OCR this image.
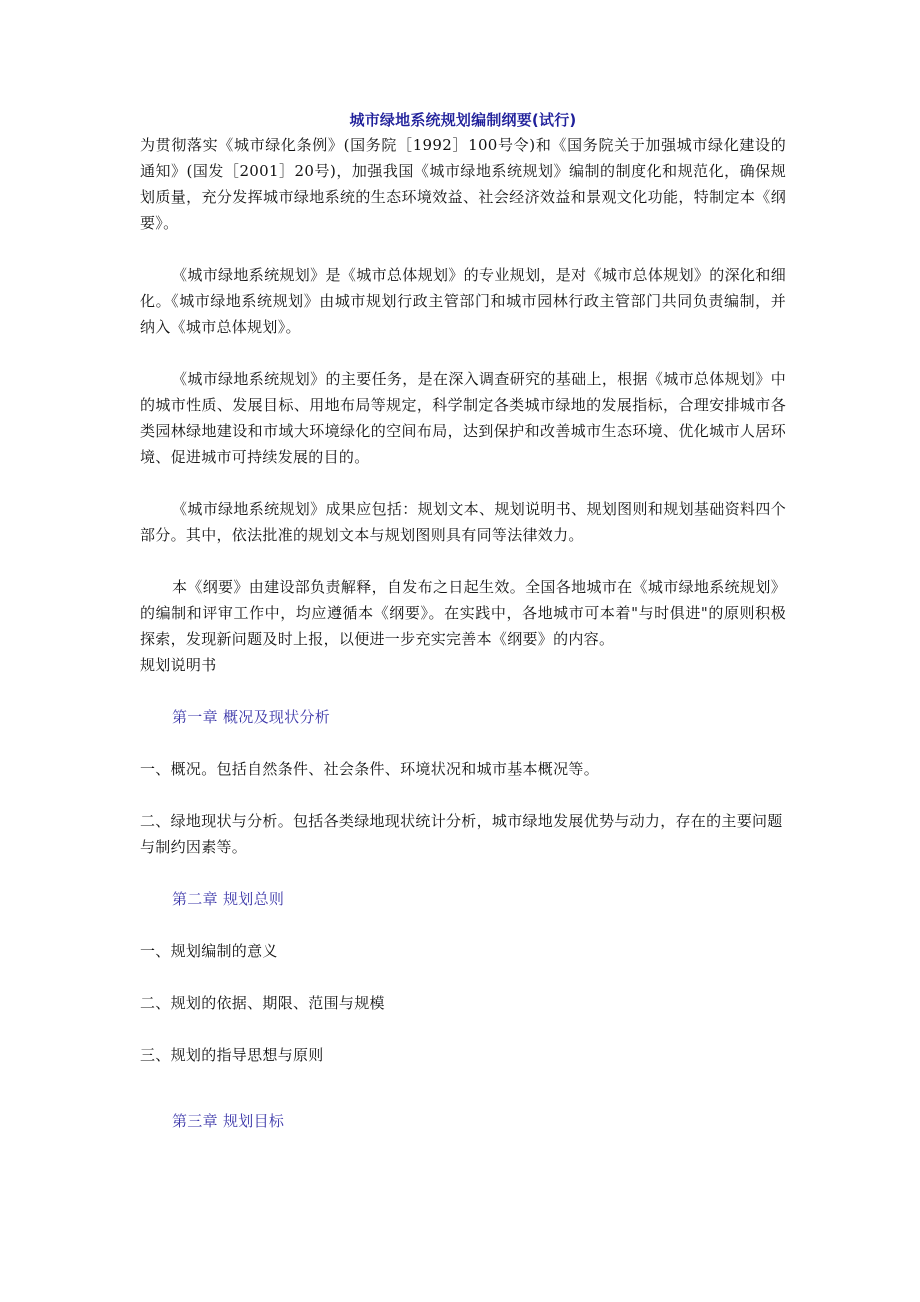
城市绿地系统规划编制纲要(试行)

为贯彻落实《城市绿化条例》(国务院［1992］100号令)和《国务院关于加强城市绿化建设的通知》(国发［2001］20号)，加强我国《城市绿地系统规划》编制的制度化和规范化，确保规划质量，充分发挥城市绿地系统的生态环境效益、社会经济效益和景观文化功能，特制定本《纲要》。

《城市绿地系统规划》是《城市总体规划》的专业规划，是对《城市总体规划》的深化和细化。《城市绿地系统规划》由城市规划行政主管部门和城市园林行政主管部门共同负责编制，并纳入《城市总体规划》。

《城市绿地系统规划》的主要任务，是在深入调查研究的基础上，根据《城市总体规划》中的城市性质、发展目标、用地布局等规定，科学制定各类城市绿地的发展指标，合理安排城市各类园林绿地建设和市域大环境绿化的空间布局，达到保护和改善城市生态环境、优化城市人居环境、促进城市可持续发展的目的。

《城市绿地系统规划》成果应包括：规划文本、规划说明书、规划图则和规划基础资料四个部分。其中，依法批准的规划文本与规划图则具有同等法律效力。

本《纲要》由建设部负责解释，自发布之日起生效。全国各地城市在《城市绿地系统规划》的编制和评审工作中，均应遵循本《纲要》。在实践中，各地城市可本着"与时俱进"的原则积极探索，发现新问题及时上报，以便进一步充实完善本《纲要》的内容。

规划说明书

第一章 概况及现状分析

一、概况。包括自然条件、社会条件、环境状况和城市基本概况等。

二、绿地现状与分析。包括各类绿地现状统计分析，城市绿地发展优势与动力，存在的主要问题与制约因素等。

第二章 规划总则

一、规划编制的意义

二、规划的依据、期限、范围与规模

三、规划的指导思想与原则

第三章 规划目标
